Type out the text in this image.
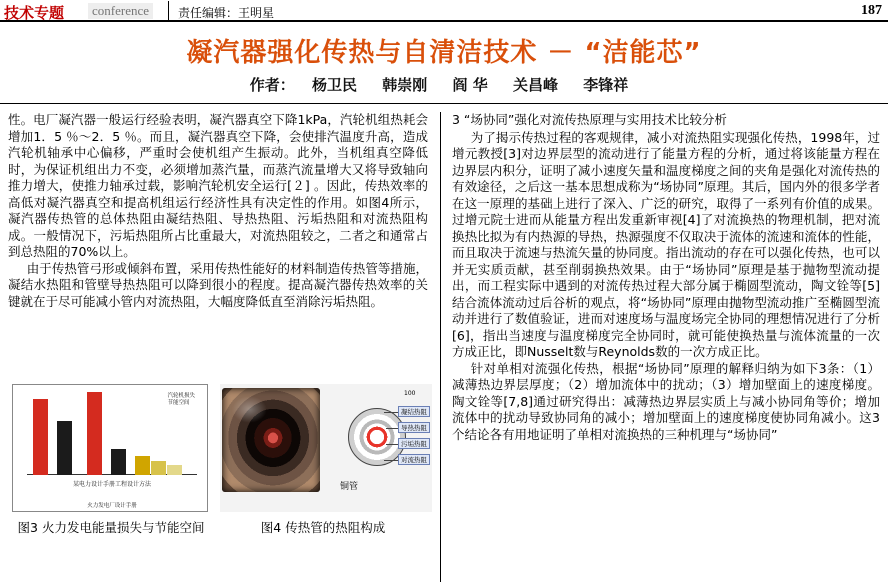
技术专题	conference	责任编辑：王明星	187
凝汽器强化传热与自清洁技术 － “洁能芯”
作者： 杨卫民 韩崇刚 阎 华 关昌峰 李锋祥

性。电厂凝汽器一般运行经验表明，凝汽器真空下降1kPa，汽轮机组热耗会增加1．5 ％～2．5 ％。而且，凝汽器真空下降，会使排汽温度升高，造成汽轮机轴承中心偏移，严重时会使机组产生振动。此外，当机组真空降低时，为保证机组出力不变，必须增加蒸汽量，而蒸汽流量增大又将导致轴向推力增大，使推力轴承过载，影响汽轮机安全运行[２] 。因此，传热效率的高低对凝汽器真空和提高机组运行经济性具有决定性的作用。如图4所示，凝汽器传热管的总体热阻由凝结热阻、导热热阻、污垢热阻和对流热阻构成。一般情况下，污垢热阻所占比重最大，对流热阻较之，二者之和通常占到总热阻的70%以上。

由于传热管弓形或倾斜布置，采用传热性能好的材料制造传热管等措施，凝结水热阻和管壁导热热阻可以降到很小的程度。提高凝汽器传热效率的关键就在于尽可能减小管内对流热阻，大幅度降低直至消除污垢热阻。

汽轮机损失
节能空间
某电力设计手册工程设计方法
火力发电厂设计手册
100
凝结热阻
导热热阻
污垢热阻
对流热阻
铜管
图3 火力发电能量损失与节能空间	图4 传热管的热阻构成
3 “场协同”强化对流传热原理与实用技术比较分析

为了揭示传热过程的客观规律，减小对流热阻实现强化传热，1998年，过增元教授[3]对边界层型的流动进行了能量方程的分析，通过将该能量方程在边界层内积分，证明了减小速度矢量和温度梯度之间的夹角是强化对流传热的有效途径，之后这一基本思想成称为“场协同”原理。其后，国内外的很多学者在这一原理的基础上进行了深入、广泛的研究，取得了一系列有价值的成果。过增元院士进而从能量方程出发重新审视[4]了对流换热的物理机制，把对流换热比拟为有内热源的导热，热源强度不仅取决于流体的流速和流体的性能，而且取决于流速与热流矢量的协同度。指出流动的存在可以强化传热，也可以并无实质贡献，甚至削弱换热效果。由于“场协同”原理是基于抛物型流动提出，而工程实际中遇到的对流传热过程大部分属于椭圆型流动，陶文铨等[5]结合流体流动过后谷析的观点，将“场协同”原理由抛物型流动推广至椭圆型流动并进行了数值验证，进而对速度场与温度场完全协同的理想情况进行了分析[6]，指出当速度与温度梯度完全协同时，就可能使换热量与流体流量的一次方成正比，即Nusselt数与Reynolds数的一次方成正比。

针对单相对流强化传热，根据“场协同”原理的解释归纳为如下3条：（1）减薄热边界层厚度；（2）增加流体中的扰动；（3）增加壁面上的速度梯度。陶文铨等[7,8]通过研究得出：减薄热边界层实质上与减小协同角等价；增加流体中的扰动导致协同角的减小；增加壁面上的速度梯度使协同角减小。这3个结论各有用地证明了单相对流换热的三种机理与“场协同”
